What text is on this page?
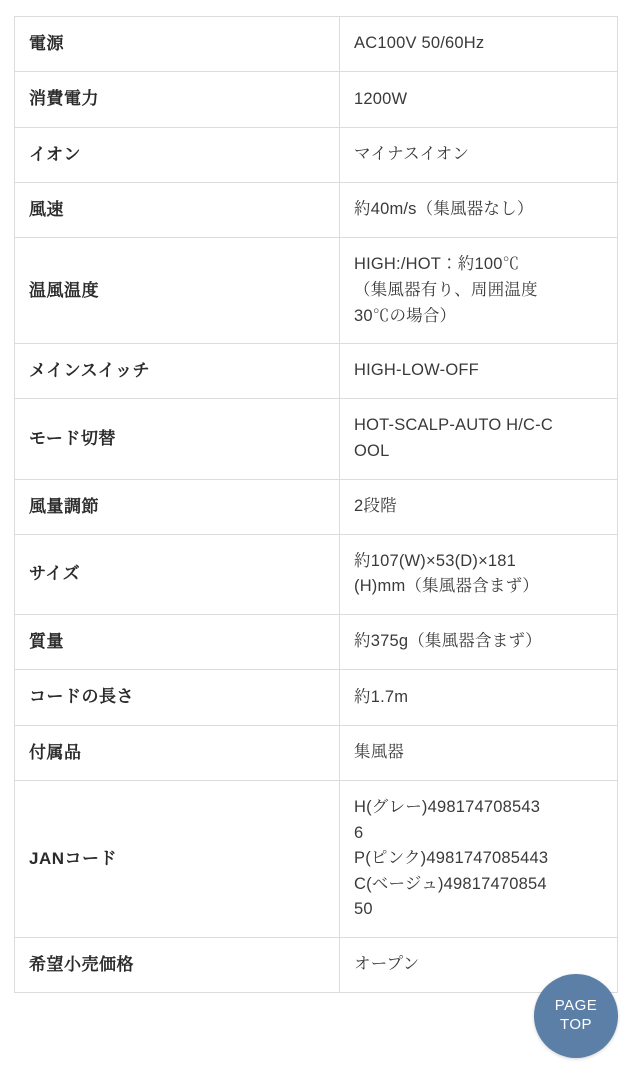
電源	AC100V 50/60Hz

消費電力	1200W

イオン	マイナスイオン

風速	約40m/s（集風器なし）

温風温度	HIGH:/HOT：約100℃
（集風器有り、周囲温度
30℃の場合）

メインスイッチ	HIGH-LOW-OFF

モード切替	HOT-SCALP-AUTO H/C-C
OOL

風量調節	2段階

サイズ	約107(W)×53(D)×181
(H)mm（集風器含まず）

質量	約375g（集風器含まず）

コードの長さ	約1.7m

付属品	集風器

JANコード	H(グレー)498174708543
6
P(ピンク)4981747085443
C(ベージュ)49817470854
50

希望小売価格	オープン
PAGE
TOP
